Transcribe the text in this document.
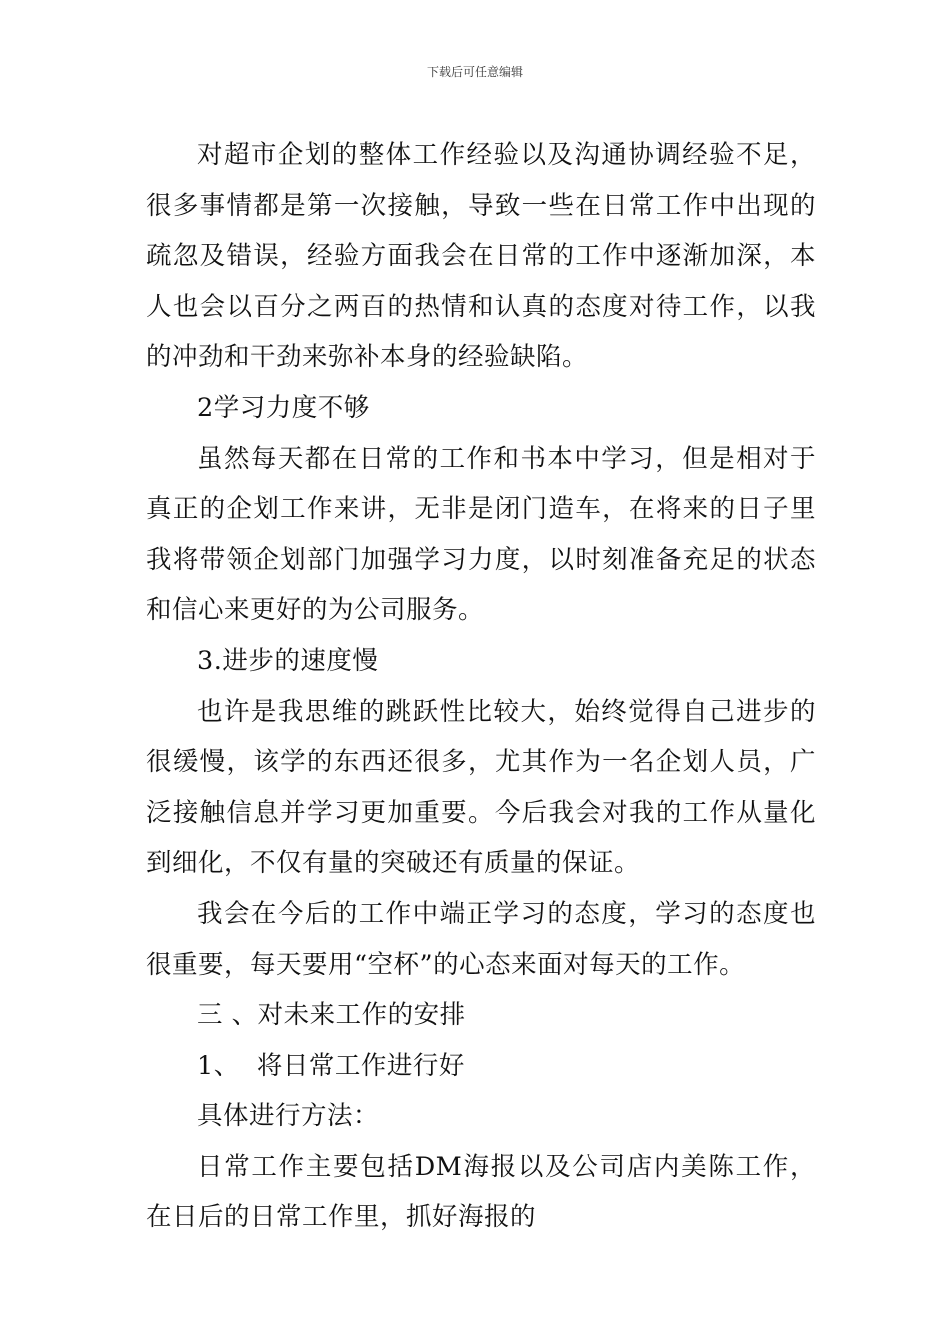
下载后可任意编辑

对超市企划的整体工作经验以及沟通协调经验不足，很多事情都是第一次接触，导致一些在日常工作中出现的疏忽及错误，经验方面我会在日常的工作中逐渐加深，本人也会以百分之两百的热情和认真的态度对待工作，以我的冲劲和干劲来弥补本身的经验缺陷。

2学习力度不够

虽然每天都在日常的工作和书本中学习，但是相对于真正的企划工作来讲，无非是闭门造车，在将来的日子里我将带领企划部门加强学习力度，以时刻准备充足的状态和信心来更好的为公司服务。

3.进步的速度慢

也许是我思维的跳跃性比较大，始终觉得自己进步的很缓慢，该学的东西还很多，尤其作为一名企划人员，广泛接触信息并学习更加重要。今后我会对我的工作从量化到细化，不仅有量的突破还有质量的保证。

我会在今后的工作中端正学习的态度，学习的态度也很重要，每天要用“空杯”的心态来面对每天的工作。

三 、对未来工作的安排

1、  将日常工作进行好

具体进行方法：

日常工作主要包括DM海报以及公司店内美陈工作，在日后的日常工作里，抓好海报的
